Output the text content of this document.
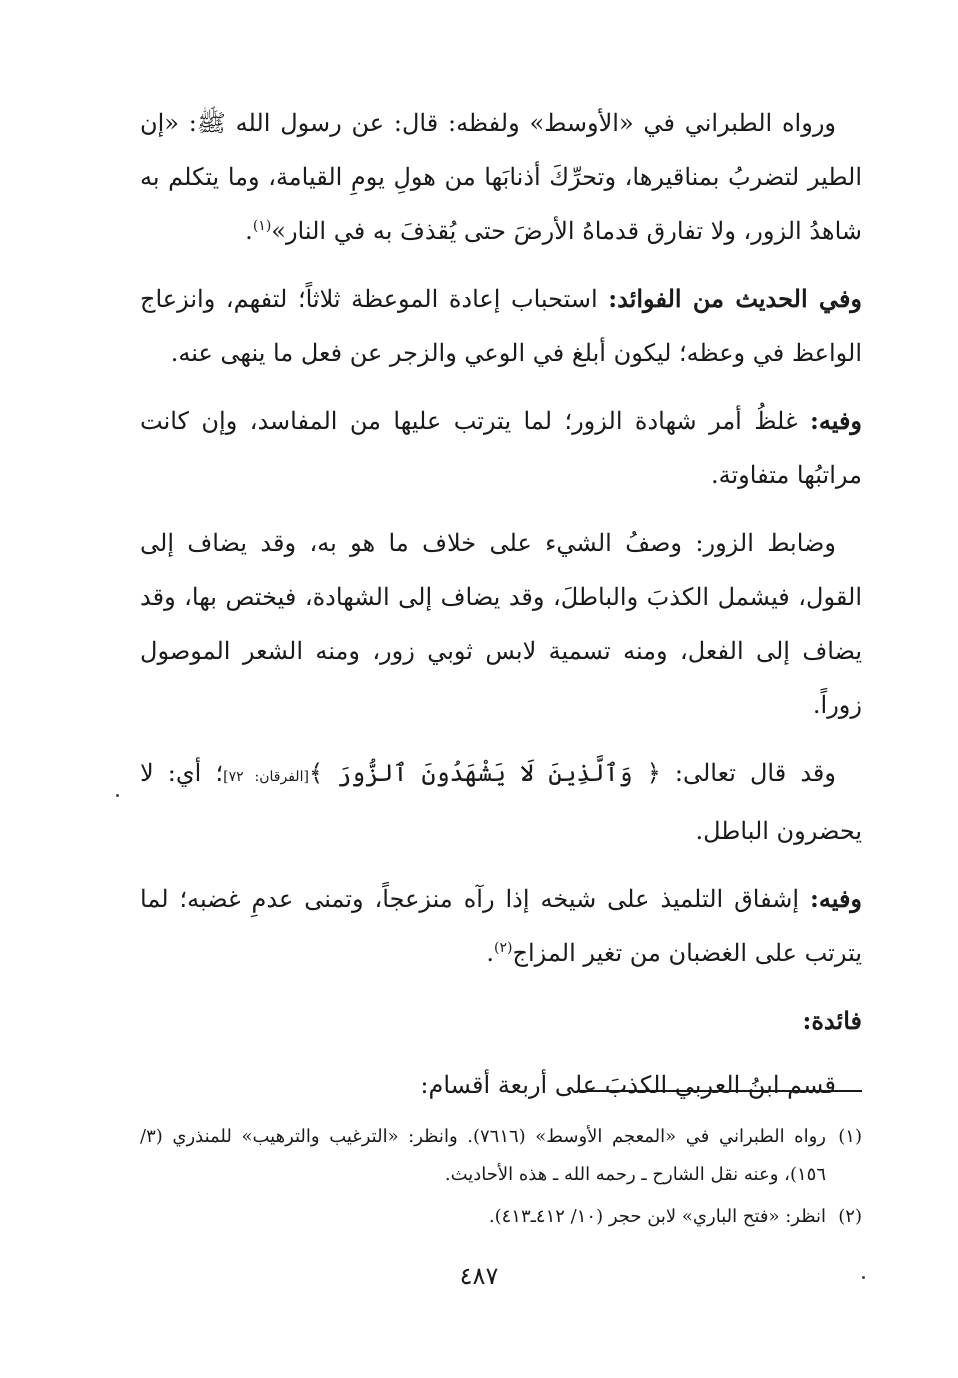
ورواه الطبراني في «الأوسط» ولفظه: قال: عن رسول الله ﷺ: «إن الطير لتضربُ بمناقيرها، وتحرِّكَ أذنابَها من هولِ يومِ القيامة، وما يتكلم به شاهدُ الزور، ولا تفارق قدماهُ الأرضَ حتى يُقذفَ به في النار»$^{(١)}$.

وفي الحديث من الفوائد: استحباب إعادة الموعظة ثلاثاً؛ لتفهم، وانزعاج الواعظ في وعظه؛ ليكون أبلغ في الوعي والزجر عن فعل ما ينهى عنه.

وفيه: غلظُ أمر شهادة الزور؛ لما يترتب عليها من المفاسد، وإن كانت مراتبُها متفاوتة.

وضابط الزور: وصفُ الشيء على خلاف ما هو به، وقد يضاف إلى القول، فيشمل الكذبَ والباطلَ، وقد يضاف إلى الشهادة، فيختص بها، وقد يضاف إلى الفعل، ومنه تسمية لابس ثوبي زور، ومنه الشعر الموصول زوراً.

وقد قال تعالى: ﴿ وَٱلَّذِينَ لَا يَشْهَدُونَ ٱلزُّورَ ﴾[الفرقان: ٧٢]؛ أي: لا يحضرون الباطل.

وفيه: إشفاق التلميذ على شيخه إذا رآه منزعجاً، وتمنى عدمِ غضبه؛ لما يترتب على الغضبان من تغير المزاج$^{(٢)}$.

فائدة:

قسم ابنُ العربي الكذبَ على أربعة أقسام:

(١)
رواه الطبراني في «المعجم الأوسط» (٧٦١٦). وانظر: «الترغيب والترهيب» للمنذري (٣/ ١٥٦)، وعنه نقل الشارح ـ رحمه الله ـ هذه الأحاديث.
(٢)
انظر: «فتح الباري» لابن حجر (١٠/ ٤١٢ـ٤١٣).
٤٨٧
